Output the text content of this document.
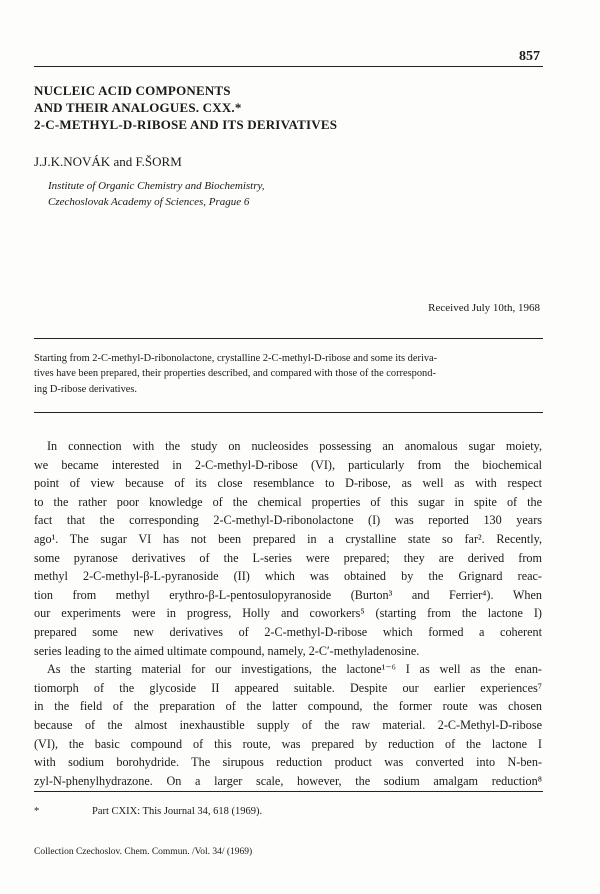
857
NUCLEIC ACID COMPONENTS
AND THEIR ANALOGUES. CXX.*
2-C-METHYL-D-RIBOSE AND ITS DERIVATIVES
J.J.K.NOVÁK and F.ŠORM
Institute of Organic Chemistry and Biochemistry,
Czechoslovak Academy of Sciences, Prague 6
Received July 10th, 1968
Starting from 2-C-methyl-D-ribonolactone, crystalline 2-C-methyl-D-ribose and some its deriva-
tives have been prepared, their properties described, and compared with those of the correspond-
ing D-ribose derivatives.
In connection with the study on nucleosides possessing an anomalous sugar moiety,
we became interested in 2-C-methyl-D-ribose (VI), particularly from the biochemical
point of view because of its close resemblance to D-ribose, as well as with respect
to the rather poor knowledge of the chemical properties of this sugar in spite of the
fact that the corresponding 2-C-methyl-D-ribonolactone (I) was reported 130 years
ago¹. The sugar VI has not been prepared in a crystalline state so far². Recently,
some pyranose derivatives of the L-series were prepared; they are derived from
methyl 2-C-methyl-β-L-pyranoside (II) which was obtained by the Grignard reac-
tion from methyl erythro-β-L-pentosulopyranoside (Burton³ and Ferrier⁴). When
our experiments were in progress, Holly and coworkers⁵ (starting from the lactone I)
prepared some new derivatives of 2-C-methyl-D-ribose which formed a coherent
series leading to the aimed ultimate compound, namely, 2-C′-methyladenosine.
As the starting material for our investigations, the lactone¹⁻⁶ I as well as the enan-
tiomorph of the glycoside II appeared suitable. Despite our earlier experiences⁷
in the field of the preparation of the latter compound, the former route was chosen
because of the almost inexhaustible supply of the raw material. 2-C-Methyl-D-ribose
(VI), the basic compound of this route, was prepared by reduction of the lactone I
with sodium borohydride. The sirupous reduction product was converted into N-ben-
zyl-N-phenylhydrazone. On a larger scale, however, the sodium amalgam reduction⁸
*	Part CXIX: This Journal 34, 618 (1969).
Collection Czechoslov. Chem. Commun. /Vol. 34/ (1969)
